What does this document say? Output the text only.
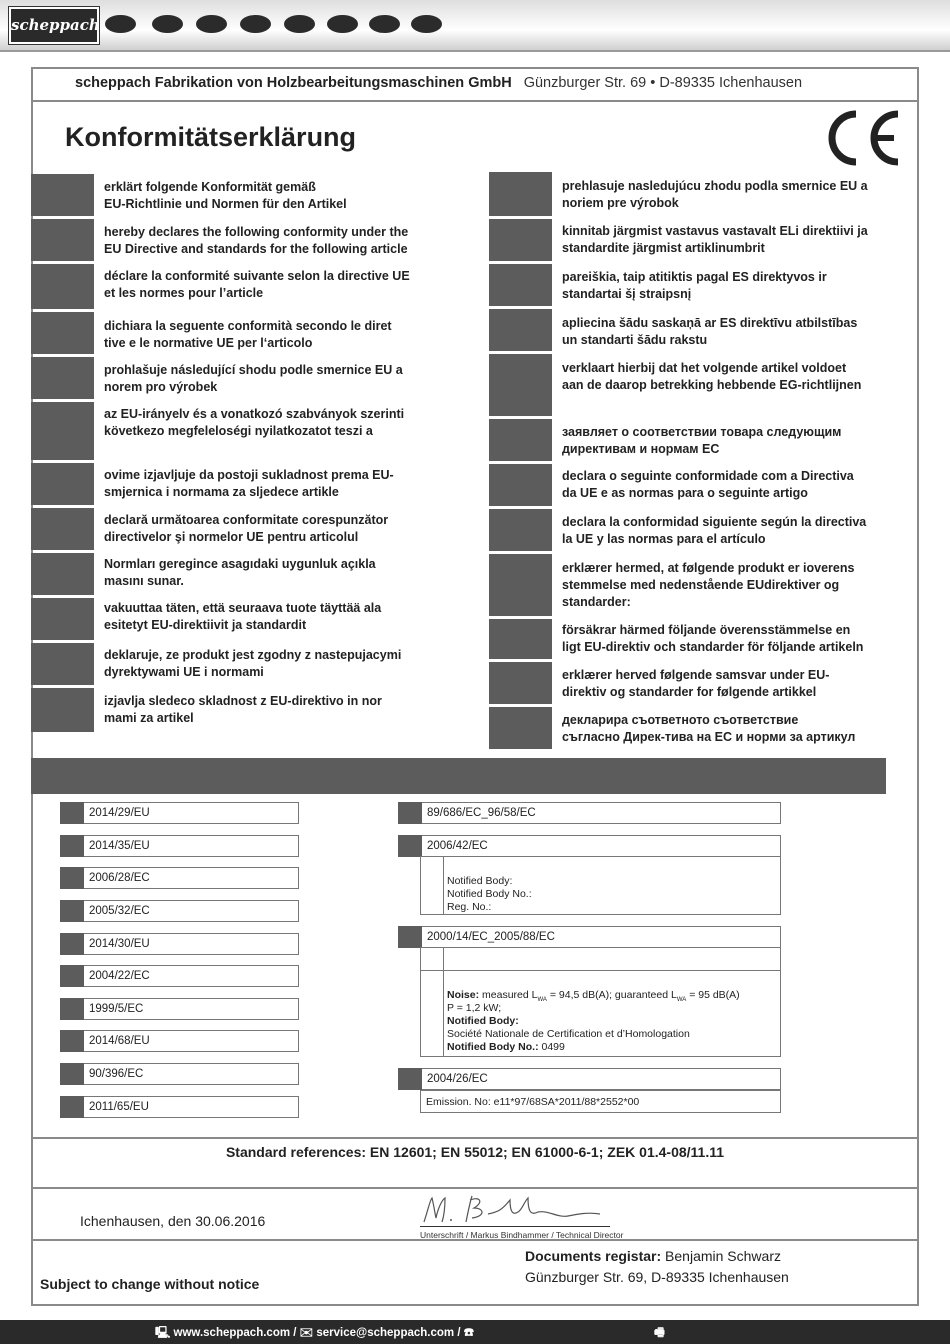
scheppach
scheppach Fabrikation von Holzbearbeitungsmaschinen GmbH Günzburger Str. 69 • D-89335 Ichenhausen
Konformitätserklärung
erklärt folgende Konformität gemäß
EU-Richtlinie und Normen für den Artikel
hereby declares the following conformity under the
EU Directive and standards for the following article
déclare la conformité suivante selon la directive UE
et les normes pour l’article
dichiara la seguente conformità secondo le diret
tive e le normative UE per l‘articolo
prohlašuje následující shodu podle smernice EU a
norem pro výrobek
az EU-irányelv és a vonatkozó szabványok szerinti
következo megfeleloségi nyilatkozatot teszi a
ovime izjavljuje da postoji sukladnost prema EU-
smjernica i normama za sljedece artikle
declară următoarea conformitate corespunzător
directivelor şi normelor UE pentru articolul
Normları geregince asagıdaki uygunluk açıkla
masını sunar.
vakuuttaa täten, että seuraava tuote täyttää ala
esitetyt EU-direktiivit ja standardit
deklaruje, ze produkt jest zgodny z nastepujacymi
dyrektywami UE i normami
izjavlja sledeco skladnost z EU-direktivo in nor
mami za artikel
prehlasuje nasledujúcu zhodu podla smernice EU a
noriem pre výrobok
kinnitab järgmist vastavus vastavalt ELi direktiivi ja
standardite järgmist artiklinumbrit
pareiškia, taip atitiktis pagal ES direktyvos ir
standartai šį straipsnį
apliecina šādu saskaņā ar ES direktīvu atbilstības
un standarti šādu rakstu
verklaart hierbij dat het volgende artikel voldoet
aan de daarop betrekking hebbende EG-richtlijnen
заявляет о соответствии товара следующим
директивам и нормам ЕС
declara o seguinte conformidade com a Directiva
da UE e as normas para o seguinte artigo
declara la conformidad siguiente según la directiva
la UE y las normas para el artículo
erklærer hermed, at følgende produkt er ioverens
stemmelse med nedenstående EUdirektiver og
standarder:
försäkrar härmed följande överensstämmelse en
ligt EU-direktiv och standarder för följande artikeln
erklærer herved følgende samsvar under EU-
direktiv og standarder for følgende artikkel
декларира съответното съответствие
съгласно Дирек-тива на ЕС и норми за артикул
2014/29/EU
2014/35/EU
2006/28/EC
2005/32/EC
2014/30/EU
2004/22/EC
1999/5/EC
2014/68/EU
90/396/EC
2011/65/EU
89/686/EC_96/58/EC
2006/42/EC
Notified Body:
Notified Body No.:
Reg. No.:
2000/14/EC_2005/88/EC
Noise: measured $L_{WA} = 94,5$ dB(A); guaranteed $L_{WA} = 95$ dB(A)
P = 1,2 kW;
Notified Body:
Société Nationale de Certification et d’Homologation
Notified Body No.: 0499
2004/26/EC
Emission. No: e11*97/68SA*2011/88*2552*00
Standard references: EN 12601; EN 55012; EN 61000-6-1; ZEK 01.4-08/11.11
Ichenhausen, den 30.06.2016
Unterschrift / Markus Bindhammer / Technical Director
Documents registar: Benjamin Schwarz
Günzburger Str. 69, D-89335 Ichenhausen
Subject to change without notice
🖳 www.scheppach.com / ✉ service@scheppach.com / ☎	🖷
